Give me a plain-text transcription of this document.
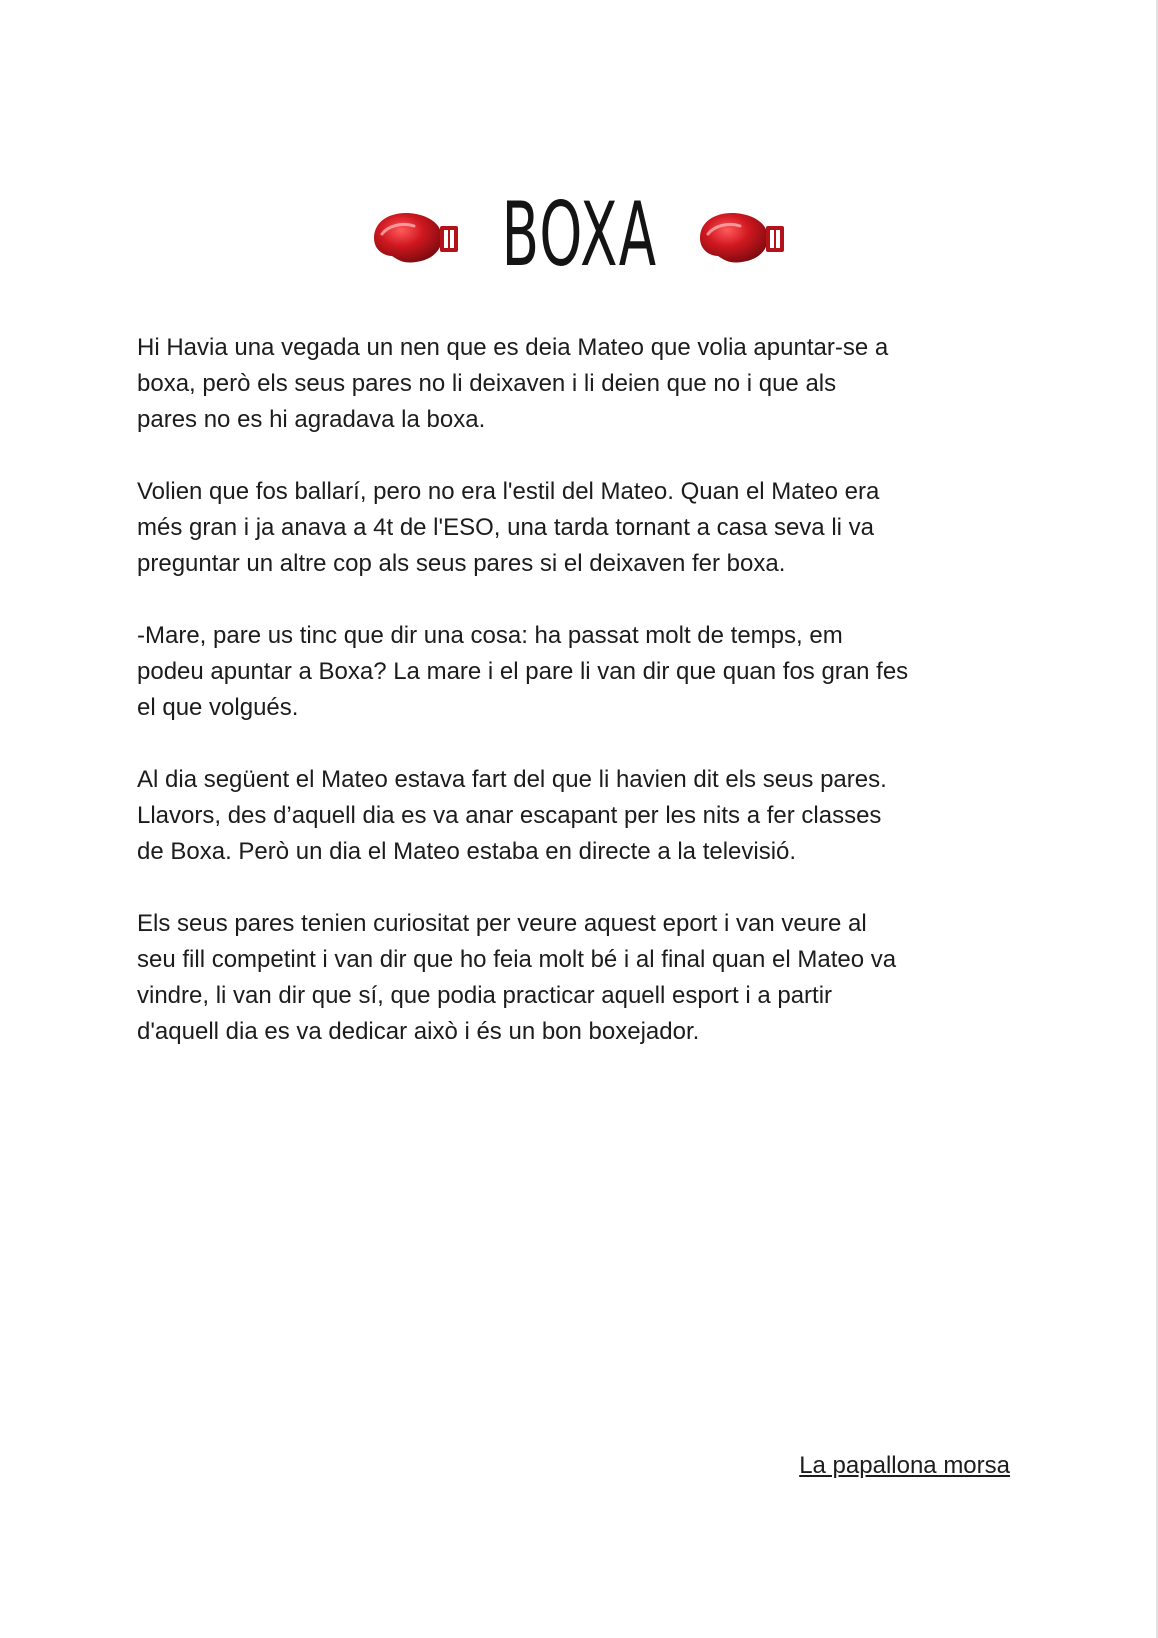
BOXA

Hi Havia una vegada un nen que es deia Mateo que volia apuntar-se a
boxa, però els seus pares no li deixaven i li deien que no i que als
pares no es hi agradava la boxa.

Volien que fos ballarí, pero no era l'estil del Mateo. Quan el Mateo era
més gran i ja anava a 4t de l'ESO, una tarda tornant a casa seva li va
preguntar un altre cop als seus pares si el deixaven fer boxa.

-Mare, pare us tinc que dir una cosa: ha passat molt de temps, em
podeu apuntar a Boxa? La mare i el pare li van dir que quan fos gran fes
el que volgués.

Al dia següent el Mateo estava fart del que li havien dit els seus pares.
Llavors, des d’aquell dia es va anar escapant per les nits a fer classes
de Boxa. Però un dia el Mateo estaba en directe a la televisió.

Els seus pares tenien curiositat per veure aquest eport i van veure al
seu fill competint i van dir que ho feia molt bé i al final quan el Mateo va
vindre, li van dir que sí, que podia practicar aquell esport i a partir
d'aquell dia es va dedicar això i és un bon boxejador.

La papallona morsa
